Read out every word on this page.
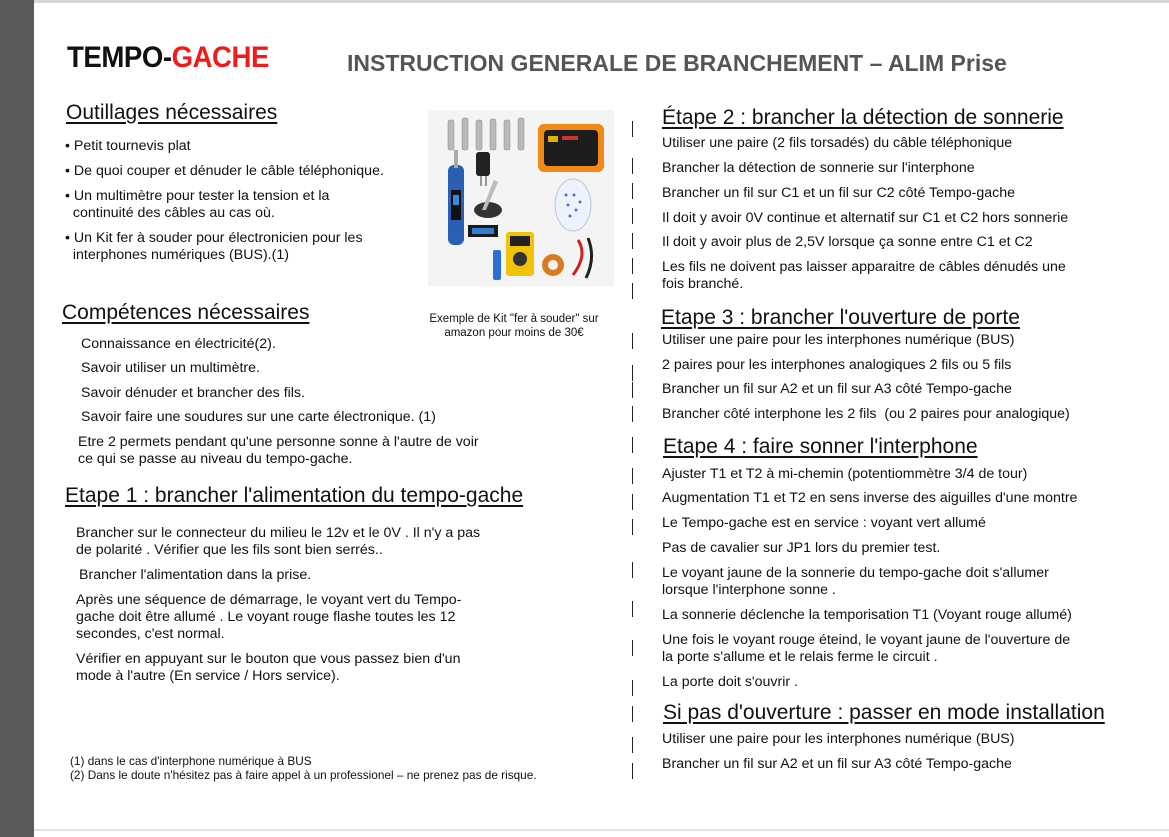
TEMPO-GACHE	INSTRUCTION GENERALE DE BRANCHEMENT – ALIM Prise
Outillages nécessaires
• Petit tournevis plat
• De quoi couper et dénuder le câble téléphonique.
• Un multimètre pour tester la tension et la
continuité des câbles au cas où.
• Un Kit fer à souder pour électronicien pour les
interphones numériques (BUS).(1)
Exemple de Kit "fer à souder" sur amazon pour moins de 30€
Compétences nécessaires
Connaissance en électricité(2).
Savoir utiliser un multimètre.
Savoir dénuder et brancher des fils.
Savoir faire une soudures sur une carte électronique. (1)
Etre 2 permets pendant qu'une personne sonne à l'autre de voir
ce qui se passe au niveau du tempo-gache.
Etape 1 : brancher l'alimentation du tempo-gache
Brancher sur le connecteur du milieu le 12v et le 0V . Il n'y a pas
de polarité . Vérifier que les fils sont bien serrés..
Brancher l'alimentation dans la prise.
Après une séquence de démarrage, le voyant vert du Tempo-
gache doit être allumé . Le voyant rouge flashe toutes les 12
secondes, c'est normal.
Vérifier en appuyant sur le bouton que vous passez bien d'un
mode à l'autre (En service / Hors service).
(1) dans le cas d'interphone numérique à BUS
(2) Dans le doute n'hésitez pas à faire appel à un professionel – ne prenez pas de risque.
Étape 2 : brancher la détection de sonnerie
Utiliser une paire (2 fils torsadés) du câble téléphonique
Brancher la détection de sonnerie sur l'interphone
Brancher un fil sur C1 et un fil sur C2 côté Tempo-gache
Il doit y avoir 0V continue et alternatif sur C1 et C2 hors sonnerie
Il doit y avoir plus de 2,5V lorsque ça sonne entre C1 et C2
Les fils ne doivent pas laisser apparaitre de câbles dénudés une
fois branché.
Etape 3 : brancher l'ouverture de porte
Utiliser une paire pour les interphones numérique (BUS)
2 paires pour les interphones analogiques 2 fils ou 5 fils
Brancher un fil sur A2 et un fil sur A3 côté Tempo-gache
Brancher côté interphone les 2 fils  (ou 2 paires pour analogique)
Etape 4 : faire sonner l'interphone
Ajuster T1 et T2 à mi-chemin (potentiommètre 3/4 de tour)
Augmentation T1 et T2 en sens inverse des aiguilles d'une montre
Le Tempo-gache est en service : voyant vert allumé
Pas de cavalier sur JP1 lors du premier test.
Le voyant jaune de la sonnerie du tempo-gache doit s'allumer
lorsque l'interphone sonne .
La sonnerie déclenche la temporisation T1 (Voyant rouge allumé)
Une fois le voyant rouge éteind, le voyant jaune de l'ouverture de
la porte s'allume et le relais ferme le circuit .
La porte doit s'ouvrir .
Si pas d'ouverture : passer en mode installation
Utiliser une paire pour les interphones numérique (BUS)
Brancher un fil sur A2 et un fil sur A3 côté Tempo-gache
